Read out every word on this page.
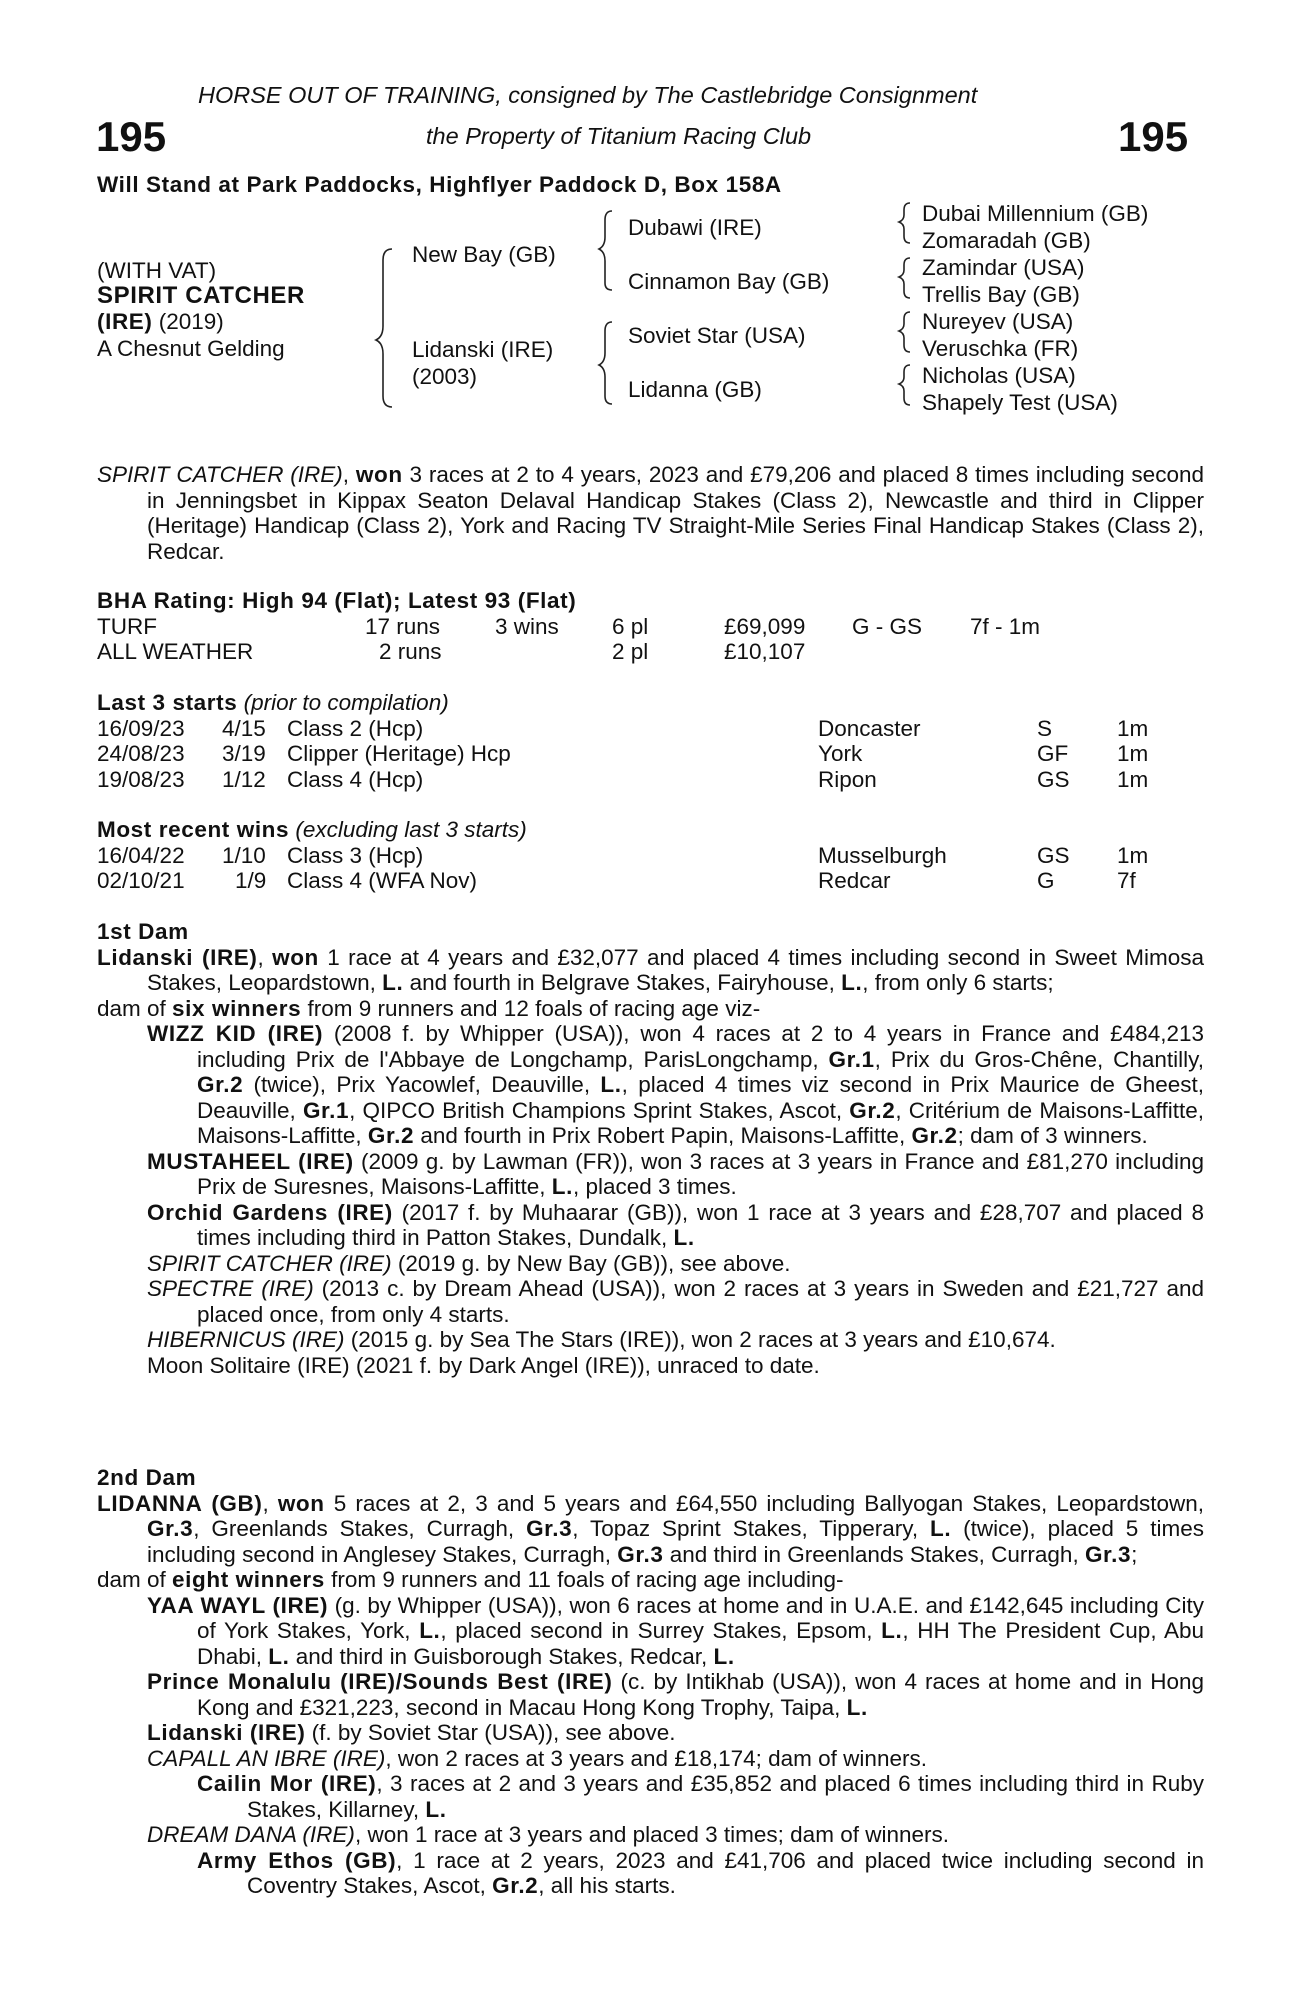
HORSE OUT OF TRAINING, consigned by The Castlebridge Consignment
195	the Property of Titanium Racing Club	195
Will Stand at Park Paddocks, Highflyer Paddock D, Box 158A
(WITH VAT)
SPIRIT CATCHER
(IRE) (2019)
A Chesnut Gelding
New Bay (GB)
Lidanski (IRE)
(2003)
Dubawi (IRE)
Cinnamon Bay (GB)
Soviet Star (USA)
Lidanna (GB)
Dubai Millennium (GB)
Zomaradah (GB)
Zamindar (USA)
Trellis Bay (GB)
Nureyev (USA)
Veruschka (FR)
Nicholas (USA)
Shapely Test (USA)

SPIRIT CATCHER (IRE), won 3 races at 2 to 4 years, 2023 and £79,206 and placed 8 times including second in Jenningsbet in Kippax Seaton Delaval Handicap Stakes (Class 2), Newcastle and third in Clipper (Heritage) Handicap (Class 2), York and Racing TV Straight-Mile Series Final Handicap Stakes (Class 2), Redcar.

BHA Rating: High 94 (Flat); Latest 93 (Flat)
TURF	17 runs 3 wins 6 pl	£69,099 G - GS 7f - 1m
ALL WEATHER	2 runs	2 pl	£10,107
Last 3 starts (prior to compilation)
16/09/23 4/15 Class 2 (Hcp)	Doncaster	S	1m
24/08/23 3/19 Clipper (Heritage) Hcp	York	GF 1m
19/08/23 1/12 Class 4 (Hcp)	Ripon	GS 1m
Most recent wins (excluding last 3 starts)
16/04/22 1/10 Class 3 (Hcp)	Musselburgh	GS 1m
02/10/21 1/9 Class 4 (WFA Nov)	Redcar	G	7f

1st Dam

Lidanski (IRE), won 1 race at 4 years and £32,077 and placed 4 times including second in Sweet Mimosa Stakes, Leopardstown, L. and fourth in Belgrave Stakes, Fairyhouse, L., from only 6 starts;

dam of six winners from 9 runners and 12 foals of racing age viz-

WIZZ KID (IRE) (2008 f. by Whipper (USA)), won 4 races at 2 to 4 years in France and £484,213 including Prix de l'Abbaye de Longchamp, ParisLongchamp, Gr.1, Prix du Gros-Chêne, Chantilly, Gr.2 (twice), Prix Yacowlef, Deauville, L., placed 4 times viz second in Prix Maurice de Gheest, Deauville, Gr.1, QIPCO British Champions Sprint Stakes, Ascot, Gr.2, Critérium de Maisons-Laffitte, Maisons-Laffitte, Gr.2 and fourth in Prix Robert Papin, Maisons-Laffitte, Gr.2; dam of 3 winners.

MUSTAHEEL (IRE) (2009 g. by Lawman (FR)), won 3 races at 3 years in France and £81,270 including Prix de Suresnes, Maisons-Laffitte, L., placed 3 times.

Orchid Gardens (IRE) (2017 f. by Muhaarar (GB)), won 1 race at 3 years and £28,707 and placed 8 times including third in Patton Stakes, Dundalk, L.

SPIRIT CATCHER (IRE) (2019 g. by New Bay (GB)), see above.

SPECTRE (IRE) (2013 c. by Dream Ahead (USA)), won 2 races at 3 years in Sweden and £21,727 and placed once, from only 4 starts.

HIBERNICUS (IRE) (2015 g. by Sea The Stars (IRE)), won 2 races at 3 years and £10,674.

Moon Solitaire (IRE) (2021 f. by Dark Angel (IRE)), unraced to date.

2nd Dam

LIDANNA (GB), won 5 races at 2, 3 and 5 years and £64,550 including Ballyogan Stakes, Leopardstown, Gr.3, Greenlands Stakes, Curragh, Gr.3, Topaz Sprint Stakes, Tipperary, L. (twice), placed 5 times including second in Anglesey Stakes, Curragh, Gr.3 and third in Greenlands Stakes, Curragh, Gr.3;

dam of eight winners from 9 runners and 11 foals of racing age including-

YAA WAYL (IRE) (g. by Whipper (USA)), won 6 races at home and in U.A.E. and £142,645 including City of York Stakes, York, L., placed second in Surrey Stakes, Epsom, L., HH The President Cup, Abu Dhabi, L. and third in Guisborough Stakes, Redcar, L.

Prince Monalulu (IRE)/Sounds Best (IRE) (c. by Intikhab (USA)), won 4 races at home and in Hong Kong and £321,223, second in Macau Hong Kong Trophy, Taipa, L.

Lidanski (IRE) (f. by Soviet Star (USA)), see above.

CAPALL AN IBRE (IRE), won 2 races at 3 years and £18,174; dam of winners.

Cailin Mor (IRE), 3 races at 2 and 3 years and £35,852 and placed 6 times including third in Ruby Stakes, Killarney, L.

DREAM DANA (IRE), won 1 race at 3 years and placed 3 times; dam of winners.

Army Ethos (GB), 1 race at 2 years, 2023 and £41,706 and placed twice including second in Coventry Stakes, Ascot, Gr.2, all his starts.
